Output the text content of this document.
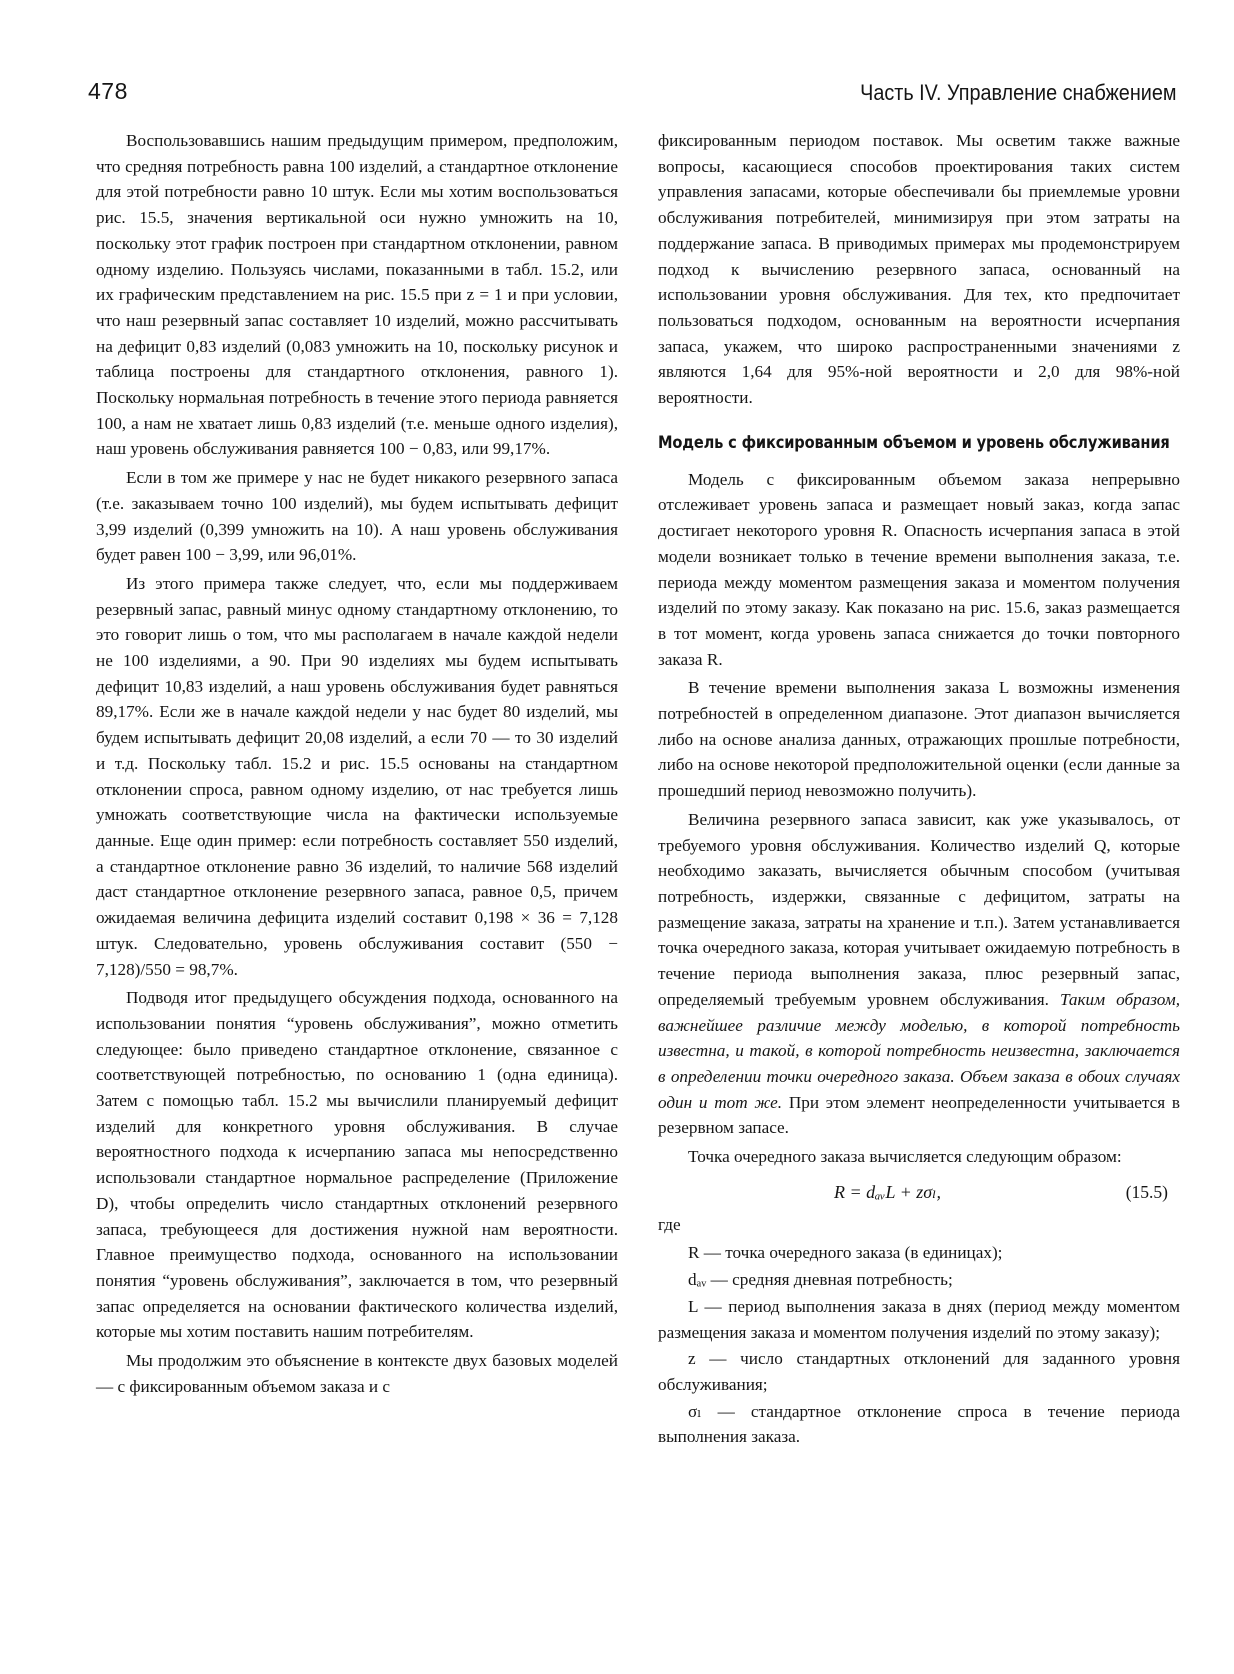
478	Часть IV. Управление снабжением

Воспользовавшись нашим предыдущим примером, предположим, что средняя потребность равна 100 изделий, а стандартное отклонение для этой потребности равно 10 штук. Если мы хотим воспользоваться рис. 15.5, значения вертикальной оси нужно умножить на 10, поскольку этот график построен при стандартном отклонении, равном одному изделию. Пользуясь числами, показанными в табл. 15.2, или их графическим представлением на рис. 15.5 при z = 1 и при условии, что наш резервный запас составляет 10 изделий, можно рассчитывать на дефицит 0,83 изделий (0,083 умножить на 10, поскольку рисунок и таблица построены для стандартного отклонения, равного 1). Поскольку нормальная потребность в течение этого периода равняется 100, а нам не хватает лишь 0,83 изделий (т.е. меньше одного изделия), наш уровень обслуживания равняется 100 − 0,83, или 99,17%.

Если в том же примере у нас не будет никакого резервного запаса (т.е. заказываем точно 100 изделий), мы будем испытывать дефицит 3,99 изделий (0,399 умножить на 10). А наш уровень обслуживания будет равен 100 − 3,99, или 96,01%.

Из этого примера также следует, что, если мы поддерживаем резервный запас, равный минус одному стандартному отклонению, то это говорит лишь о том, что мы располагаем в начале каждой недели не 100 изделиями, а 90. При 90 изделиях мы будем испытывать дефицит 10,83 изделий, а наш уровень обслуживания будет равняться 89,17%. Если же в начале каждой недели у нас будет 80 изделий, мы будем испытывать дефицит 20,08 изделий, а если 70 — то 30 изделий и т.д. Поскольку табл. 15.2 и рис. 15.5 основаны на стандартном отклонении спроса, равном одному изделию, от нас требуется лишь умножать соответствующие числа на фактически используемые данные. Еще один пример: если потребность составляет 550 изделий, а стандартное отклонение равно 36 изделий, то наличие 568 изделий даст стандартное отклонение резервного запаса, равное 0,5, причем ожидаемая величина дефицита изделий составит 0,198 × 36 = 7,128 штук. Следовательно, уровень обслуживания составит (550 − 7,128)/550 = 98,7%.

Подводя итог предыдущего обсуждения подхода, основанного на использовании понятия “уровень обслуживания”, можно отметить следующее: было приведено стандартное отклонение, связанное с соответствующей потребностью, по основанию 1 (одна единица). Затем с помощью табл. 15.2 мы вычислили планируемый дефицит изделий для конкретного уровня обслуживания. В случае вероятностного подхода к исчерпанию запаса мы непосредственно использовали стандартное нормальное распределение (Приложение D), чтобы определить число стандартных отклонений резервного запаса, требующееся для достижения нужной нам вероятности. Главное преимущество подхода, основанного на использовании понятия “уровень обслуживания”, заключается в том, что резервный запас определяется на основании фактического количества изделий, которые мы хотим поставить нашим потребителям.

Мы продолжим это объяснение в контексте двух базовых моделей — с фиксированным объемом заказа и с

фиксированным периодом поставок. Мы осветим также важные вопросы, касающиеся способов проектирования таких систем управления запасами, которые обеспечивали бы приемлемые уровни обслуживания потребителей, минимизируя при этом затраты на поддержание запаса. В приводимых примерах мы продемонстрируем подход к вычислению резервного запаса, основанный на использовании уровня обслуживания. Для тех, кто предпочитает пользоваться подходом, основанным на вероятности исчерпания запаса, укажем, что широко распространенными значениями z являются 1,64 для 95%-ной вероятности и 2,0 для 98%-ной вероятности.

Модель с фиксированным объемом и уровень обслуживания

Модель с фиксированным объемом заказа непрерывно отслеживает уровень запаса и размещает новый заказ, когда запас достигает некоторого уровня R. Опасность исчерпания запаса в этой модели возникает только в течение времени выполнения заказа, т.е. периода между моментом размещения заказа и моментом получения изделий по этому заказу. Как показано на рис. 15.6, заказ размещается в тот момент, когда уровень запаса снижается до точки повторного заказа R.

В течение времени выполнения заказа L возможны изменения потребностей в определенном диапазоне. Этот диапазон вычисляется либо на основе анализа данных, отражающих прошлые потребности, либо на основе некоторой предположительной оценки (если данные за прошедший период невозможно получить).

Величина резервного запаса зависит, как уже указывалось, от требуемого уровня обслуживания. Количество изделий Q, которые необходимо заказать, вычисляется обычным способом (учитывая потребность, издержки, связанные с дефицитом, затраты на размещение заказа, затраты на хранение и т.п.). Затем устанавливается точка очередного заказа, которая учитывает ожидаемую потребность в течение периода выполнения заказа, плюс резервный запас, определяемый требуемым уровнем обслуживания. Таким образом, важнейшее различие между моделью, в которой потребность известна, и такой, в которой потребность неизвестна, заключается в определении точки очередного заказа. Объем заказа в обоих случаях один и тот же. При этом элемент неопределенности учитывается в резервном запасе.

Точка очередного заказа вычисляется следующим образом:

R = dₐᵥL + zσₗ,	(15.5)

где

R — точка очередного заказа (в единицах);

dₐᵥ — средняя дневная потребность;

L — период выполнения заказа в днях (период между моментом размещения заказа и моментом получения изделий по этому заказу);

z — число стандартных отклонений для заданного уровня обслуживания;

σₗ — стандартное отклонение спроса в течение периода выполнения заказа.
